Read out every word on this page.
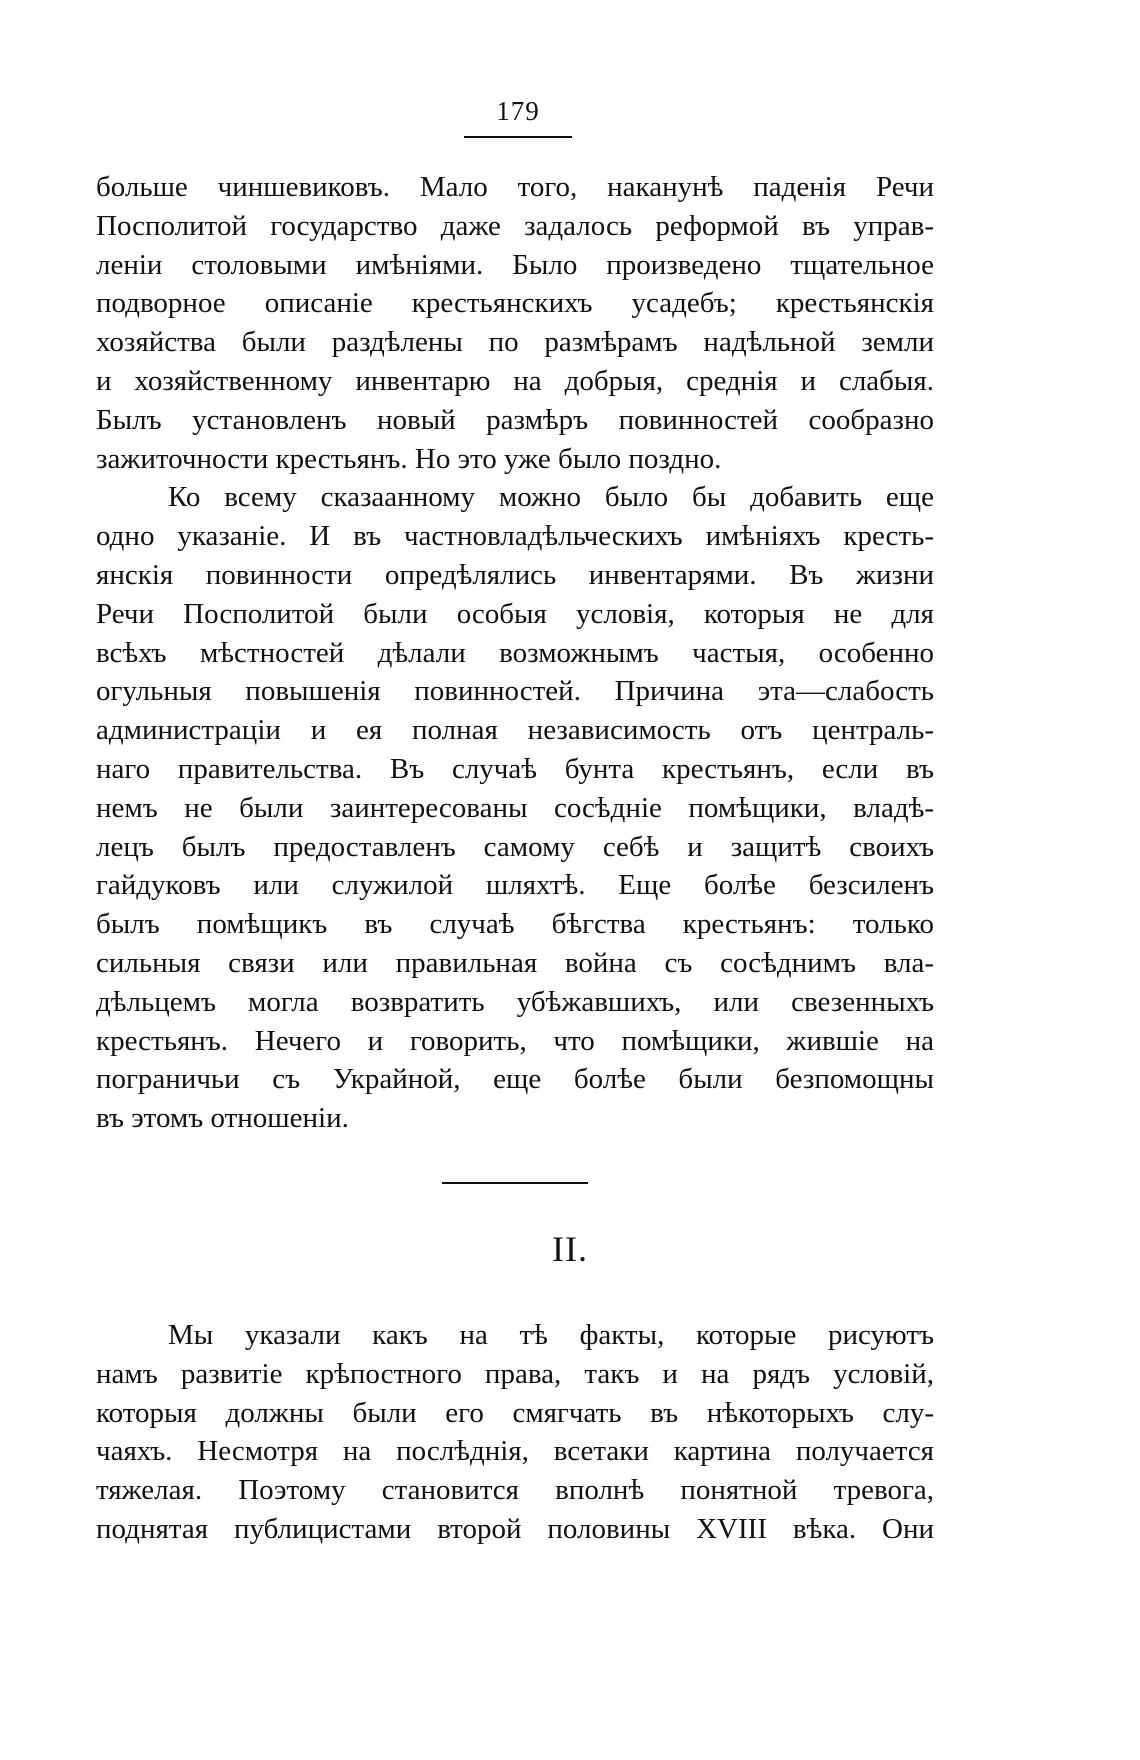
179
больше чиншевиковъ. Мало того, наканунѣ паденія Речи
Посполитой государство даже задалось реформой въ управ-
леніи столовыми имѣніями. Было произведено тщательное
подворное описаніе крестьянскихъ усадебъ; крестьянскія
хозяйства были раздѣлены по размѣрамъ надѣльной земли
и хозяйственному инвентарю на добрыя, среднія и слабыя.
Былъ установленъ новый размѣръ повинностей сообразно
зажиточности крестьянъ. Но это уже было поздно.
Ко всему сказаанному можно было бы добавить еще
одно указаніе. И въ частновладѣльческихъ имѣніяхъ кресть-
янскія повинности опредѣлялись инвентарями. Въ жизни
Речи Посполитой были особыя условія, которыя не для
всѣхъ мѣстностей дѣлали возможнымъ частыя, особенно
огульныя повышенія повинностей. Причина эта—слабость
администраціи и ея полная независимость отъ централь-
наго правительства. Въ случаѣ бунта крестьянъ, если въ
немъ не были заинтересованы сосѣдніе помѣщики, владѣ-
лецъ былъ предоставленъ самому себѣ и защитѣ своихъ
гайдуковъ или служилой шляхтѣ. Еще болѣе безсиленъ
былъ помѣщикъ въ случаѣ бѣгства крестьянъ: только
сильныя связи или правильная война съ сосѣднимъ вла-
дѣльцемъ могла возвратить убѣжавшихъ, или свезенныхъ
крестьянъ. Нечего и говорить, что помѣщики, жившіе на
пограничьи съ Украйной, еще болѣе были безпомощны
въ этомъ отношеніи.
II.
Мы указали какъ на тѣ факты, которые рисуютъ
намъ развитіе крѣпостного права, такъ и на рядъ условій,
которыя должны были его смягчать въ нѣкоторыхъ слу-
чаяхъ. Несмотря на послѣднія, всетаки картина получается
тяжелая. Поэтому становится вполнѣ понятной тревога,
поднятая публицистами второй половины XVIII вѣка. Они
